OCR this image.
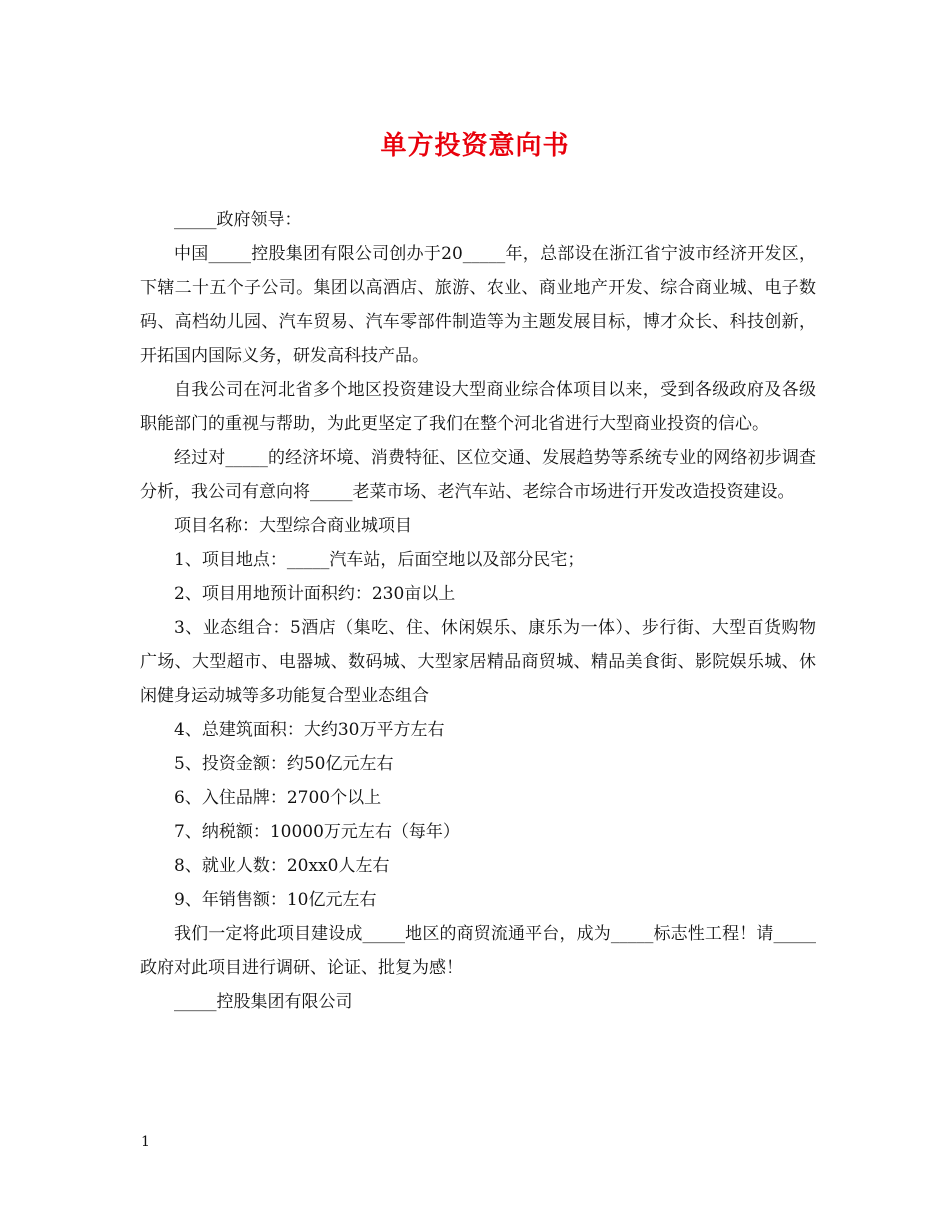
单方投资意向书

_____政府领导：

中国_____控股集团有限公司创办于20_____年，总部设在浙江省宁波市经济开发区，下辖二十五个子公司。集团以高酒店、旅游、农业、商业地产开发、综合商业城、电子数码、高档幼儿园、汽车贸易、汽车零部件制造等为主题发展目标，博才众长、科技创新，开拓国内国际义务，研发高科技产品。

自我公司在河北省多个地区投资建设大型商业综合体项目以来，受到各级政府及各级职能部门的重视与帮助，为此更坚定了我们在整个河北省进行大型商业投资的信心。

经过对_____的经济坏境、消费特征、区位交通、发展趋势等系统专业的网络初步调查分析，我公司有意向将_____老菜市场、老汽车站、老综合市场进行开发改造投资建设。

项目名称：大型综合商业城项目

1、项目地点：_____汽车站，后面空地以及部分民宅；

2、项目用地预计面积约：230亩以上

3、业态组合：5酒店（集吃、住、休闲娱乐、康乐为一体）、步行街、大型百货购物广场、大型超市、电器城、数码城、大型家居精品商贸城、精品美食街、影院娱乐城、休闲健身运动城等多功能复合型业态组合

4、总建筑面积：大约30万平方左右

5、投资金额：约50亿元左右

6、入住品牌：2700个以上

7、纳税额：10000万元左右（每年）

8、就业人数：20xx0人左右

9、年销售额：10亿元左右

我们一定将此项目建设成_____地区的商贸流通平台，成为_____标志性工程！请_____政府对此项目进行调研、论证、批复为感！

_____控股集团有限公司

1
